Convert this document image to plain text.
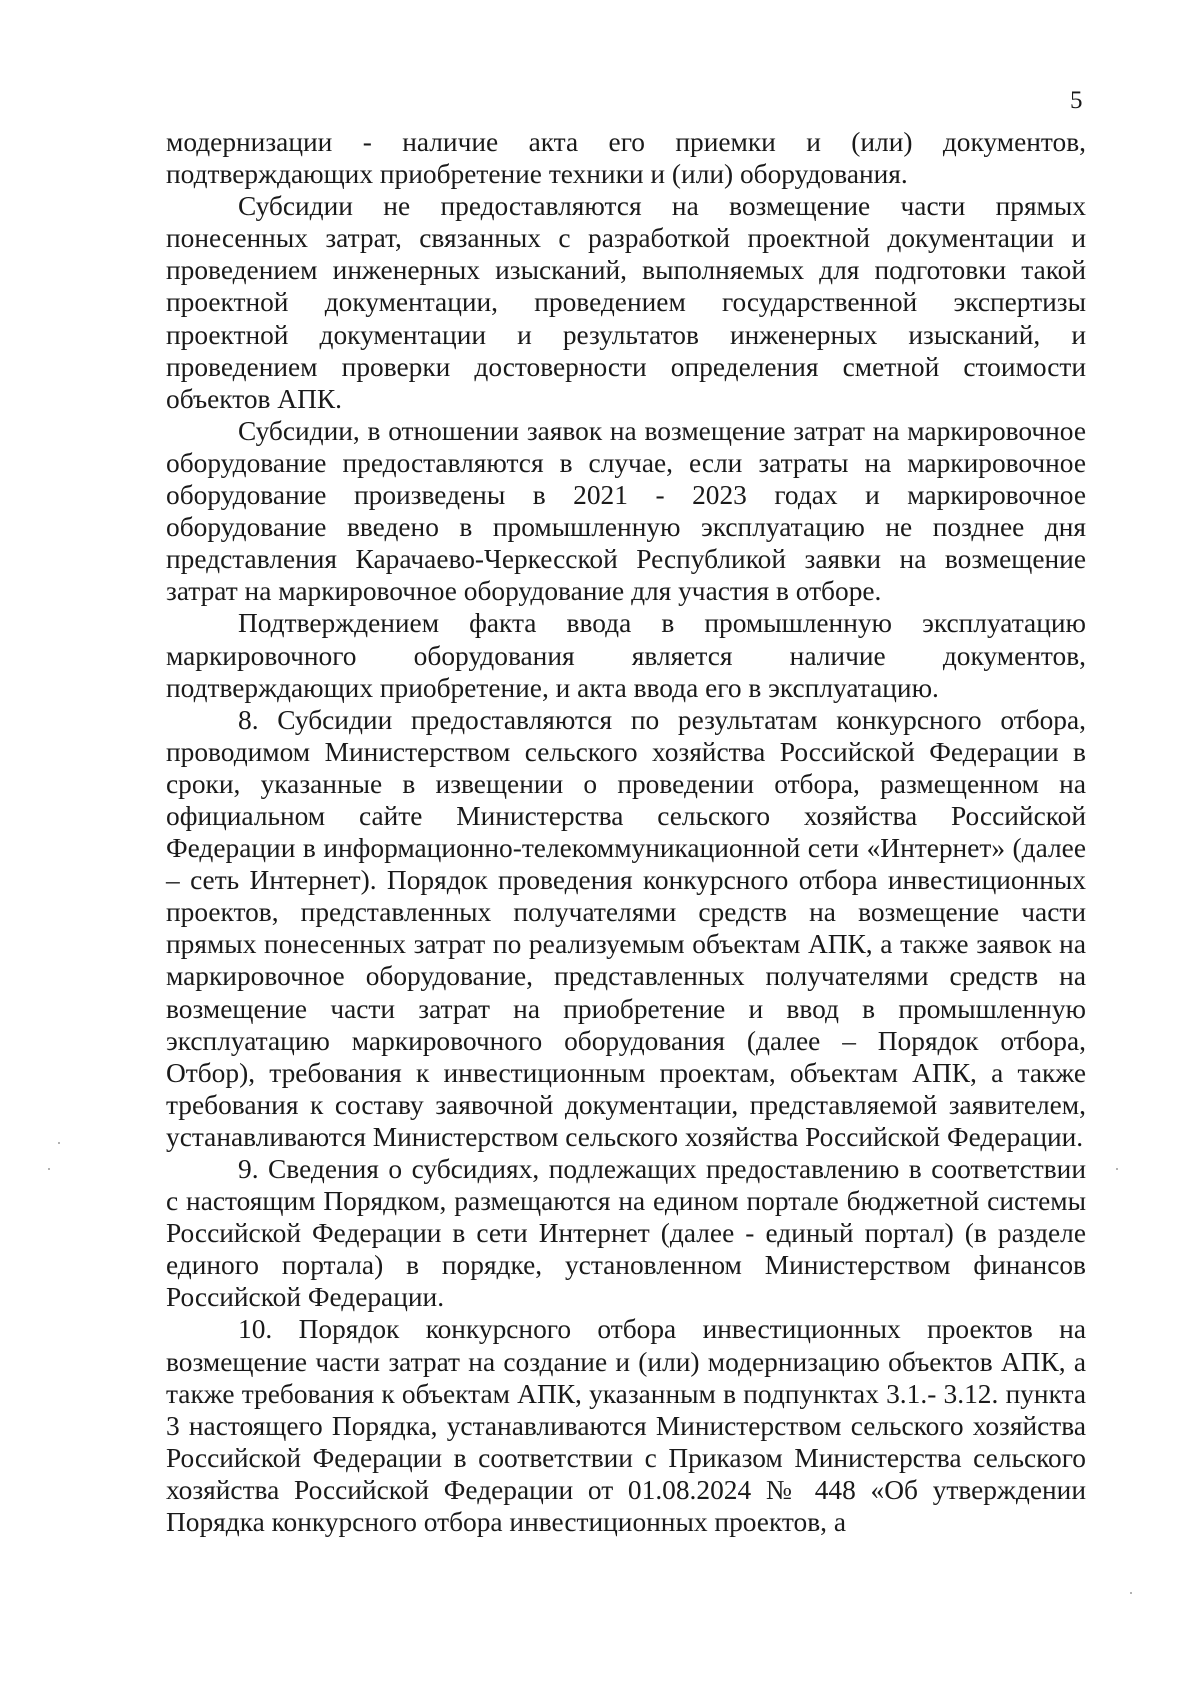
5

модернизации - наличие акта его приемки и (или) документов, подтверждающих приобретение техники и (или) оборудования.

Субсидии не предоставляются на возмещение части прямых понесенных затрат, связанных с разработкой проектной документации и проведением инженерных изысканий, выполняемых для подготовки такой проектной документации, проведением государственной экспертизы проектной документации и результатов инженерных изысканий, и проведением проверки достоверности определения сметной стоимости объектов АПК.

Субсидии, в отношении заявок на возмещение затрат на маркировочное оборудование предоставляются в случае, если затраты на маркировочное оборудование произведены в 2021 - 2023 годах и маркировочное оборудование введено в промышленную эксплуатацию не позднее дня представления Карачаево-Черкесской Республикой заявки на возмещение затрат на маркировочное оборудование для участия в отборе.

Подтверждением факта ввода в промышленную эксплуатацию маркировочного оборудования является наличие документов, подтверждающих приобретение, и акта ввода его в эксплуатацию.

8. Субсидии предоставляются по результатам конкурсного отбора, проводимом Министерством сельского хозяйства Российской Федерации в сроки, указанные в извещении о проведении отбора, размещенном на официальном сайте Министерства сельского хозяйства Российской Федерации в информационно-телекоммуникационной сети «Интернет» (далее – сеть Интернет). Порядок проведения конкурсного отбора инвестиционных проектов, представленных получателями средств на возмещение части прямых понесенных затрат по реализуемым объектам АПК, а также заявок на маркировочное оборудование, представленных получателями средств на возмещение части затрат на приобретение и ввод в промышленную эксплуатацию маркировочного оборудования (далее – Порядок отбора, Отбор), требования к инвестиционным проектам, объектам АПК, а также требования к составу заявочной документации, представляемой заявителем, устанавливаются Министерством сельского хозяйства Российской Федерации.

9. Сведения о субсидиях, подлежащих предоставлению в соответствии с настоящим Порядком, размещаются на едином портале бюджетной системы Российской Федерации в сети Интернет (далее - единый портал) (в разделе единого портала) в порядке, установленном Министерством финансов Российской Федерации.

10. Порядок конкурсного отбора инвестиционных проектов на возмещение части затрат на создание и (или) модернизацию объектов АПК, а также требования к объектам АПК, указанным в подпунктах 3.1.- 3.12. пункта 3 настоящего Порядка, устанавливаются Министерством сельского хозяйства Российской Федерации в соответствии с Приказом Министерства сельского хозяйства Российской Федерации от 01.08.2024 № 448 «Об утверждении Порядка конкурсного отбора инвестиционных проектов, а
